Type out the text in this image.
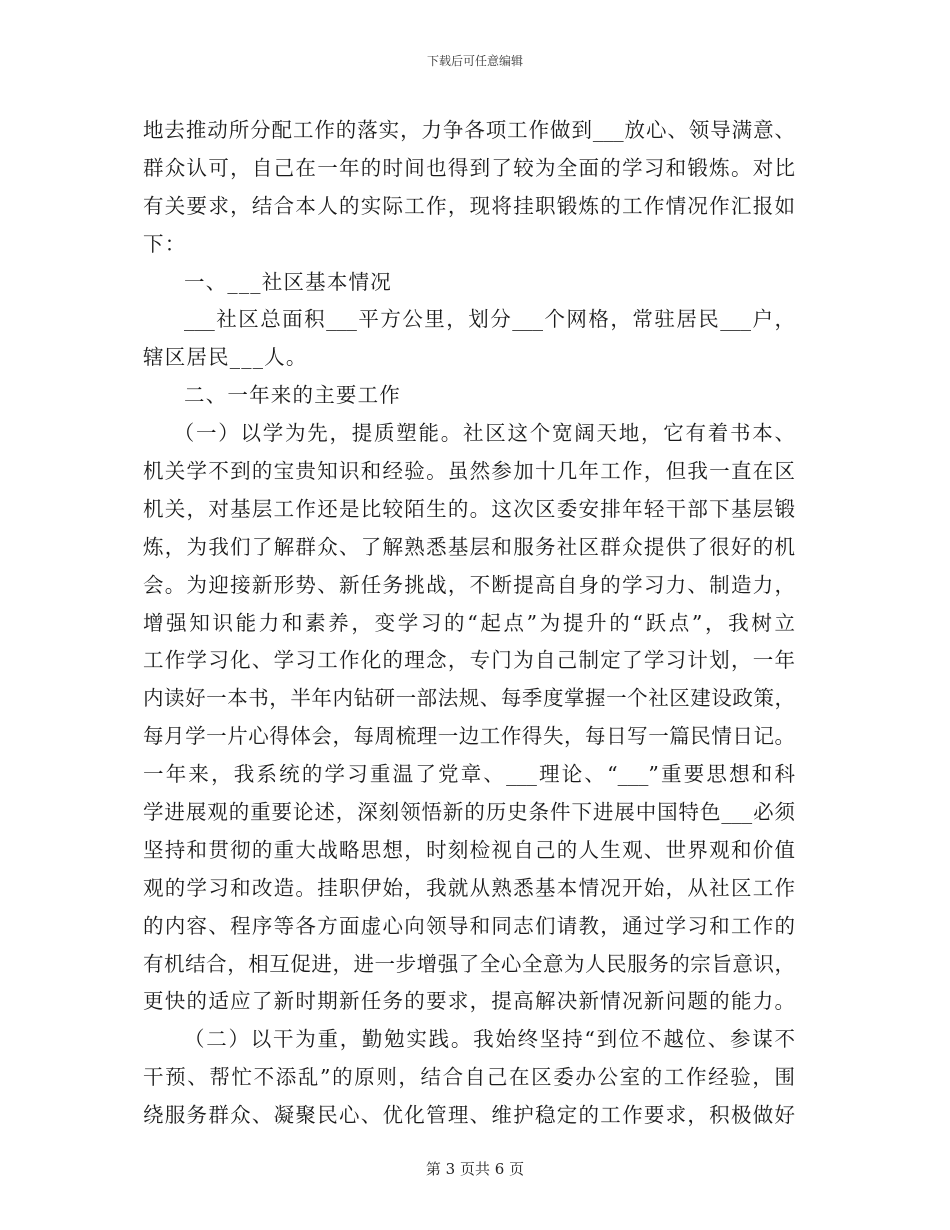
下载后可任意编辑
地去推动所分配工作的落实，力争各项工作做到___放心、领导满意、
群众认可，自己在一年的时间也得到了较为全面的学习和锻炼。对比
有关要求，结合本人的实际工作，现将挂职锻炼的工作情况作汇报如
下：
一、___社区基本情况
___社区总面积___平方公里，划分___个网格，常驻居民___户，
辖区居民___人。
二、一年来的主要工作
（一）以学为先，提质塑能。社区这个宽阔天地，它有着书本、
机关学不到的宝贵知识和经验。虽然参加十几年工作，但我一直在区
机关，对基层工作还是比较陌生的。这次区委安排年轻干部下基层锻
炼，为我们了解群众、了解熟悉基层和服务社区群众提供了很好的机
会。为迎接新形势、新任务挑战，不断提高自身的学习力、制造力，
增强知识能力和素养，变学习的“起点”为提升的“跃点”，我树立
工作学习化、学习工作化的理念，专门为自己制定了学习计划，一年
内读好一本书，半年内钻研一部法规、每季度掌握一个社区建设政策，
每月学一片心得体会，每周梳理一边工作得失，每日写一篇民情日记。
一年来，我系统的学习重温了党章、___理论、“___”重要思想和科
学进展观的重要论述，深刻领悟新的历史条件下进展中国特色___必须
坚持和贯彻的重大战略思想，时刻检视自己的人生观、世界观和价值
观的学习和改造。挂职伊始，我就从熟悉基本情况开始，从社区工作
的内容、程序等各方面虚心向领导和同志们请教，通过学习和工作的
有机结合，相互促进，进一步增强了全心全意为人民服务的宗旨意识，
更快的适应了新时期新任务的要求，提高解决新情况新问题的能力。
（二）以干为重，勤勉实践。我始终坚持“到位不越位、参谋不
干预、帮忙不添乱”的原则，结合自己在区委办公室的工作经验，围
绕服务群众、凝聚民心、优化管理、维护稳定的工作要求，积极做好
第 3 页共 6 页
